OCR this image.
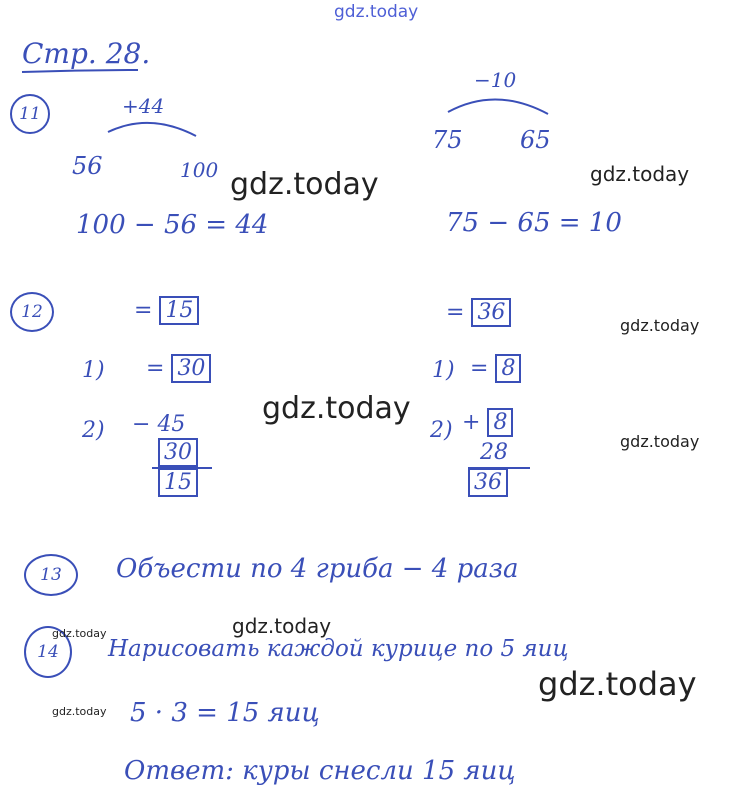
gdz.today
Стр. 28.
11	+44
56	100
100 − 56 = 44
−10
75 65
75 − 65 = 10
12	= 15
1) = 30
2) − 45
30
15
= 36
1) = 8
2) + 8
28
36
13	Объести по 4 гриба − 4 раза
14	Нарисовать каждой курице по 5 яиц
5 · 3 = 15 яиц
Ответ: куры снесли 15 яиц
gdz.today	gdz.today
gdz.today
gdz.today
gdz.today
gdz.today
gdz.today
gdz.today
gdz.today
